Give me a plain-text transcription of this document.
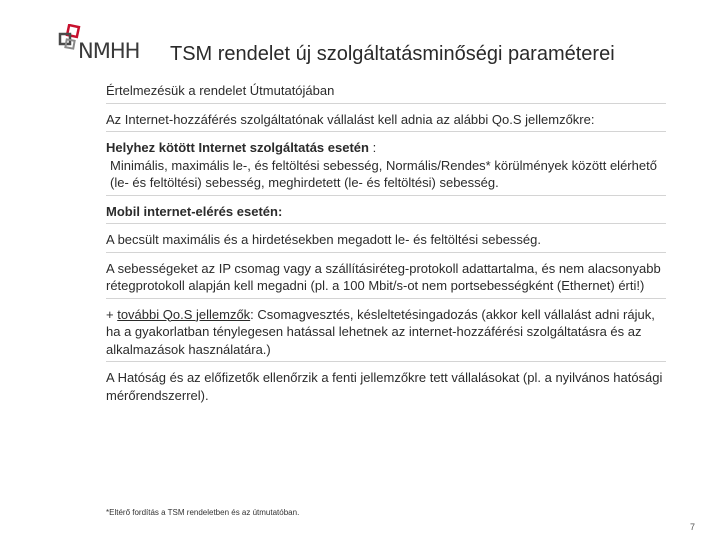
NMHH TSM rendelet új szolgáltatásminőségi paraméterei

Értelmezésük a rendelet Útmutatójában

Az Internet-hozzáférés szolgáltatónak vállalást kell adnia az alábbi Qo.S jellemzőkre:

Helyhez kötött Internet szolgáltatás esetén :

Minimális, maximális le-, és feltöltési sebesség, Normális/Rendes* körülmények között elérhető (le- és feltöltési) sebesség, meghirdetett (le- és feltöltési) sebesség.

Mobil internet-elérés esetén:

A becsült maximális és a hirdetésekben megadott le- és feltöltési sebesség.

A sebességeket az IP csomag vagy a szállításiréteg-protokoll adattartalma, és nem alacsonyabb rétegprotokoll alapján kell megadni (pl. a 100 Mbit/s-ot nem portsebességként (Ethernet) érti!)

+ további Qo.S jellemzők: Csomagvesztés, késleltetésingadozás (akkor kell vállalást adni rájuk, ha a gyakorlatban ténylegesen hatással lehetnek az internet-hozzáférési szolgáltatásra és az alkalmazások használatára.)

A Hatóság és az előfizetők ellenőrzik a fenti jellemzőkre tett vállalásokat (pl. a nyilvános hatósági mérőrendszerrel).

*Eltérő fordítás a TSM rendeletben és az útmutatóban.
7
